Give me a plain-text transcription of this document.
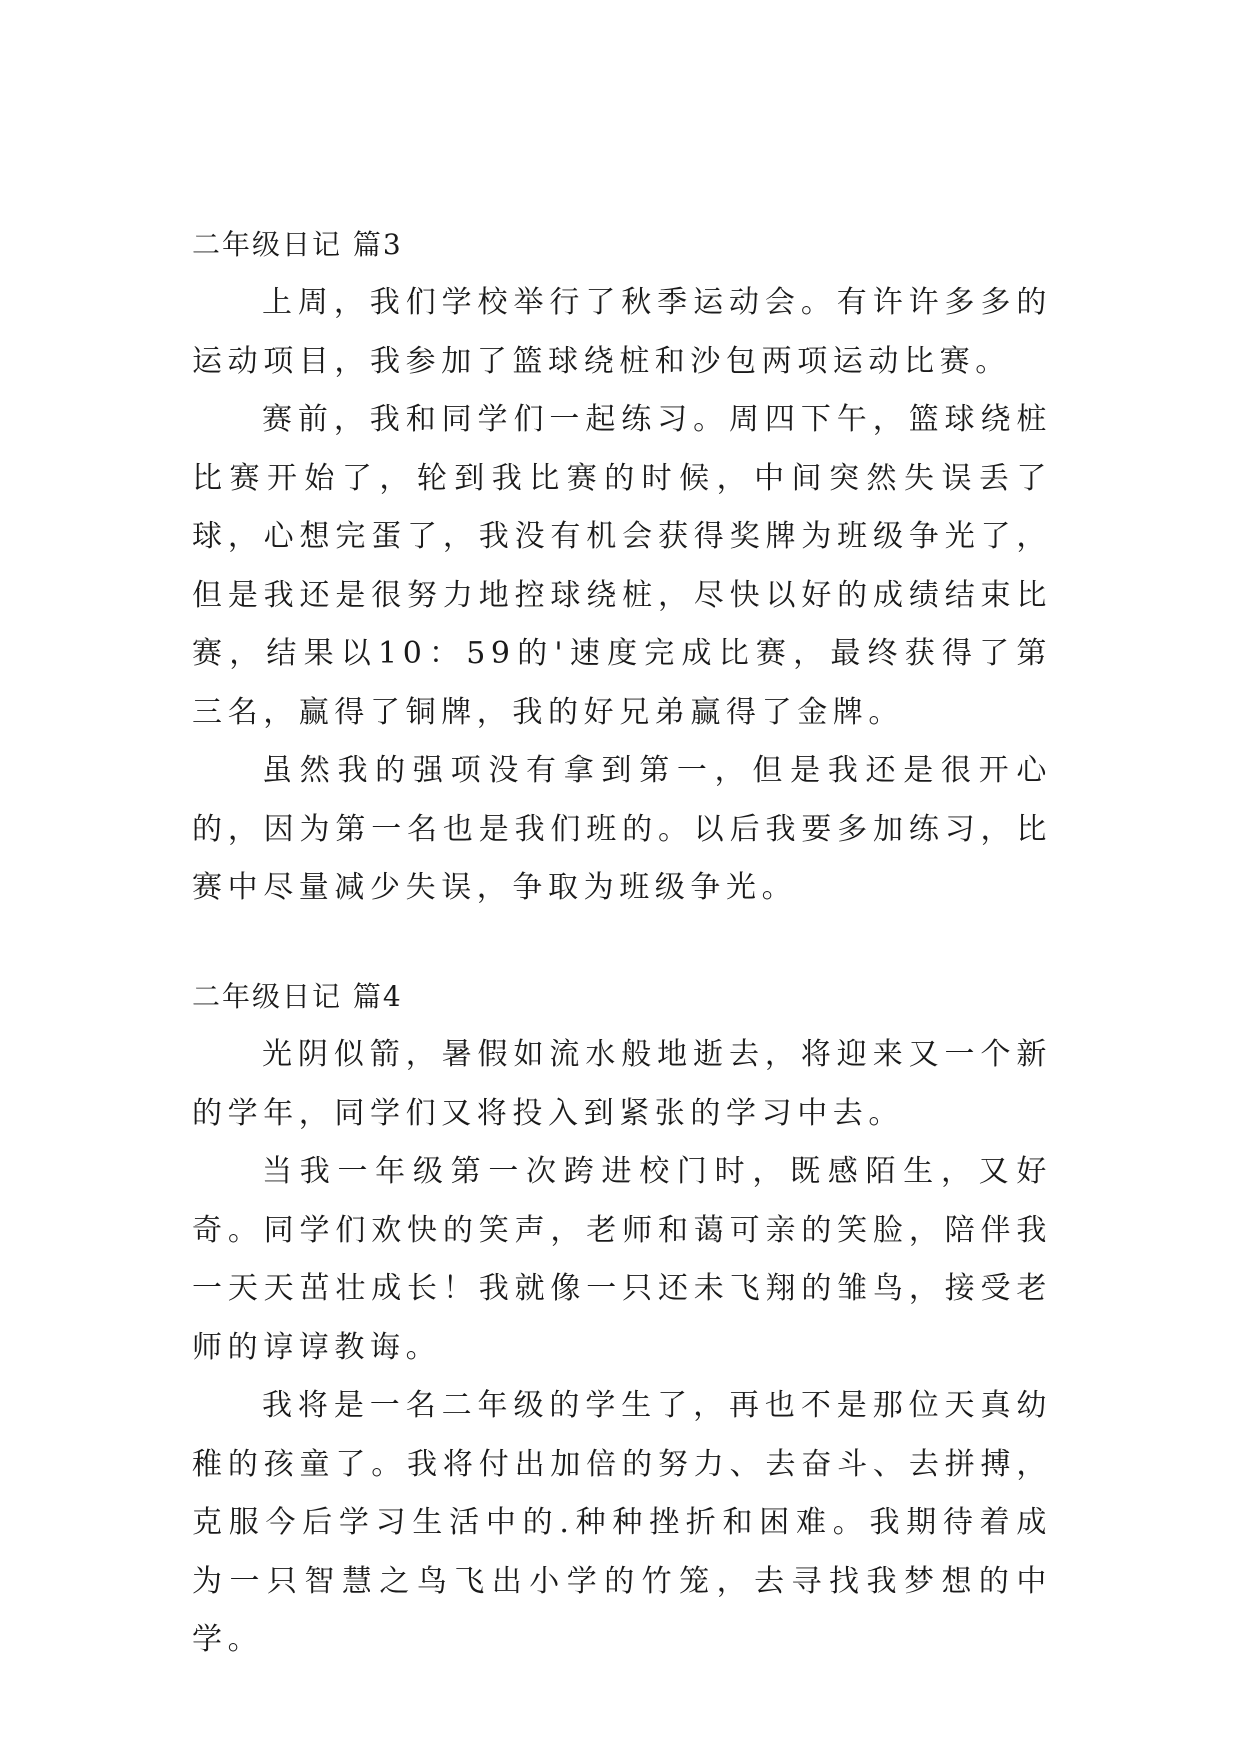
二年级日记 篇3

上周，我们学校举行了秋季运动会。有许许多多的运动项目，我参加了篮球绕桩和沙包两项运动比赛。

赛前，我和同学们一起练习。周四下午，篮球绕桩比赛开始了，轮到我比赛的时候，中间突然失误丢了球，心想完蛋了，我没有机会获得奖牌为班级争光了，但是我还是很努力地控球绕桩，尽快以好的成绩结束比赛，结果以10：59的'速度完成比赛，最终获得了第三名，赢得了铜牌，我的好兄弟赢得了金牌。

虽然我的强项没有拿到第一，但是我还是很开心的，因为第一名也是我们班的。以后我要多加练习，比赛中尽量减少失误，争取为班级争光。

二年级日记 篇4

光阴似箭，暑假如流水般地逝去，将迎来又一个新的学年，同学们又将投入到紧张的学习中去。

当我一年级第一次跨进校门时，既感陌生，又好奇。同学们欢快的笑声，老师和蔼可亲的笑脸，陪伴我一天天茁壮成长！我就像一只还未飞翔的雏鸟，接受老师的谆谆教诲。

我将是一名二年级的学生了，再也不是那位天真幼稚的孩童了。我将付出加倍的努力、去奋斗、去拼搏，克服今后学习生活中的.种种挫折和困难。我期待着成为一只智慧之鸟飞出小学的竹笼，去寻找我梦想的中学。
